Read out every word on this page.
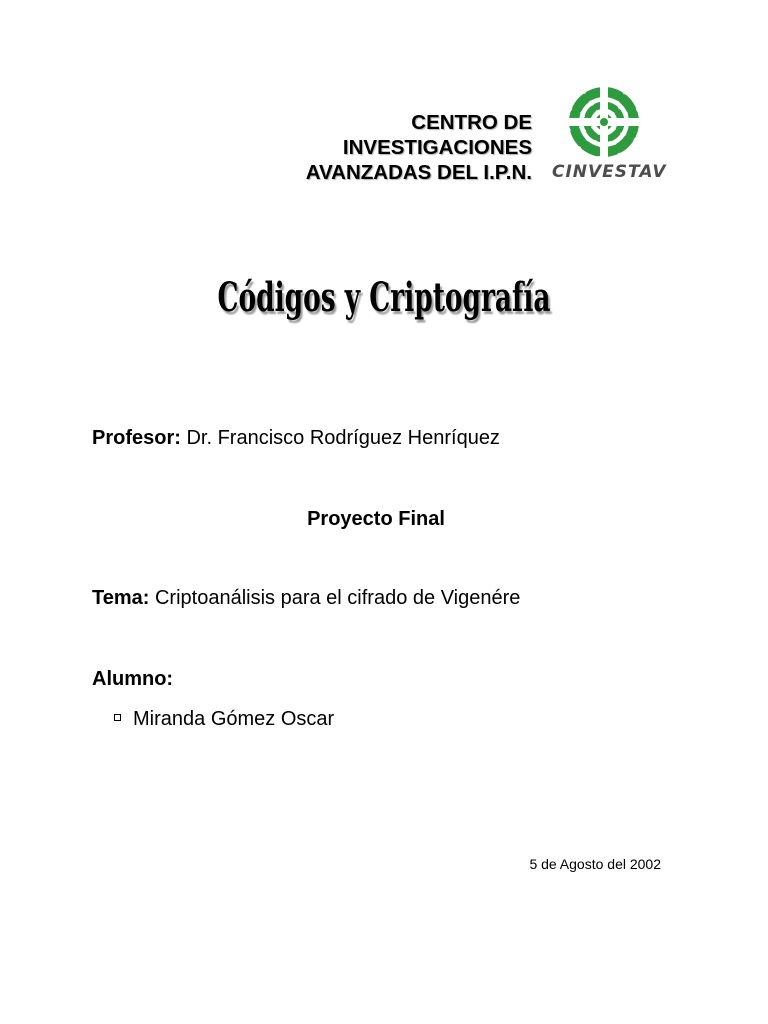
CENTRO DE
INVESTIGACIONES
AVANZADAS DEL I.P.N. CINVESTAV
Códigos y Criptografía
Profesor: Dr. Francisco Rodríguez Henríquez
Proyecto Final
Tema: Criptoanálisis para el cifrado de Vigenére
Alumno:
Miranda Gómez Oscar
5 de Agosto del 2002
